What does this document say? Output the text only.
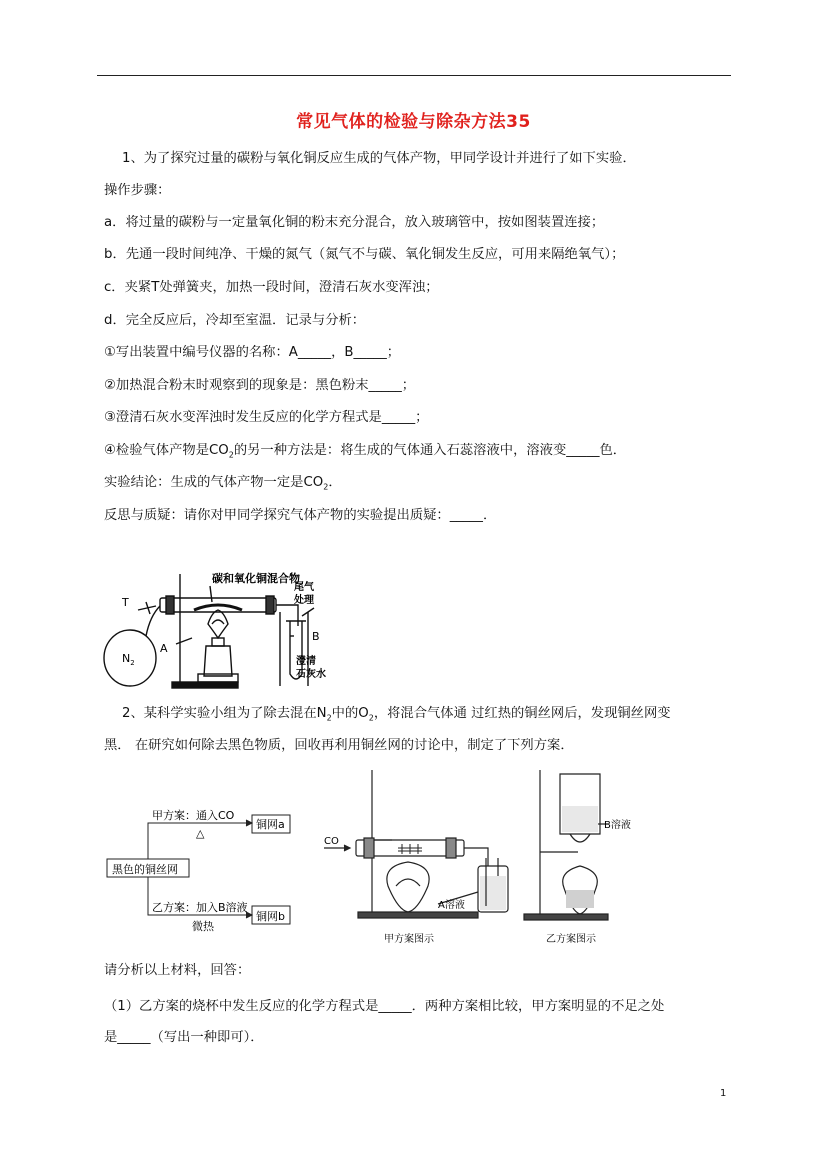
常见气体的检验与除杂方法35
1、为了探究过量的碳粉与氧化铜反应生成的气体产物，甲同学设计并进行了如下实验．
操作步骤：
a．将过量的碳粉与一定量氧化铜的粉末充分混合，放入玻璃管中，按如图装置连接；
b．先通一段时间纯净、干燥的氮气（氮气不与碳、氧化铜发生反应，可用来隔绝氧气）；
c．夹紧T处弹簧夹，加热一段时间，澄清石灰水变浑浊；
d．完全反应后，冷却至室温．记录与分析：
①写出装置中编号仪器的名称：A_____，B_____；
②加热混合粉末时观察到的现象是：黑色粉末_____；
③澄清石灰水变浑浊时发生反应的化学方程式是_____；
④检验气体产物是$CO_2$的另一种方法是：将生成的气体通入石蕊溶液中，溶液变_____色．
实验结论：生成的气体产物一定是$CO_2$．
反思与质疑：请你对甲同学探究气体产物的实验提出质疑：_____．
碳和氧化铜混合物
T
$N_2$
A
尾气
处理
B
澄清
石灰水
2、某科学实验小组为了除去混在$N_2$中的$O_2$，将混合气体通 过红热的铜丝网后，发现铜丝网变
黑． 在研究如何除去黑色物质，回收再利用铜丝网的讨论中，制定了下列方案．
黑色的铜丝网
甲方案：通入CO
△
铜网a
乙方案：加入B溶液
微热
铜网b
CO
A溶液
甲方案图示
B溶液
乙方案图示
请分析以上材料，回答：
（1）乙方案的烧杯中发生反应的化学方程式是_____．两种方案相比较，甲方案明显的不足之处
是_____（写出一种即可）．
1
